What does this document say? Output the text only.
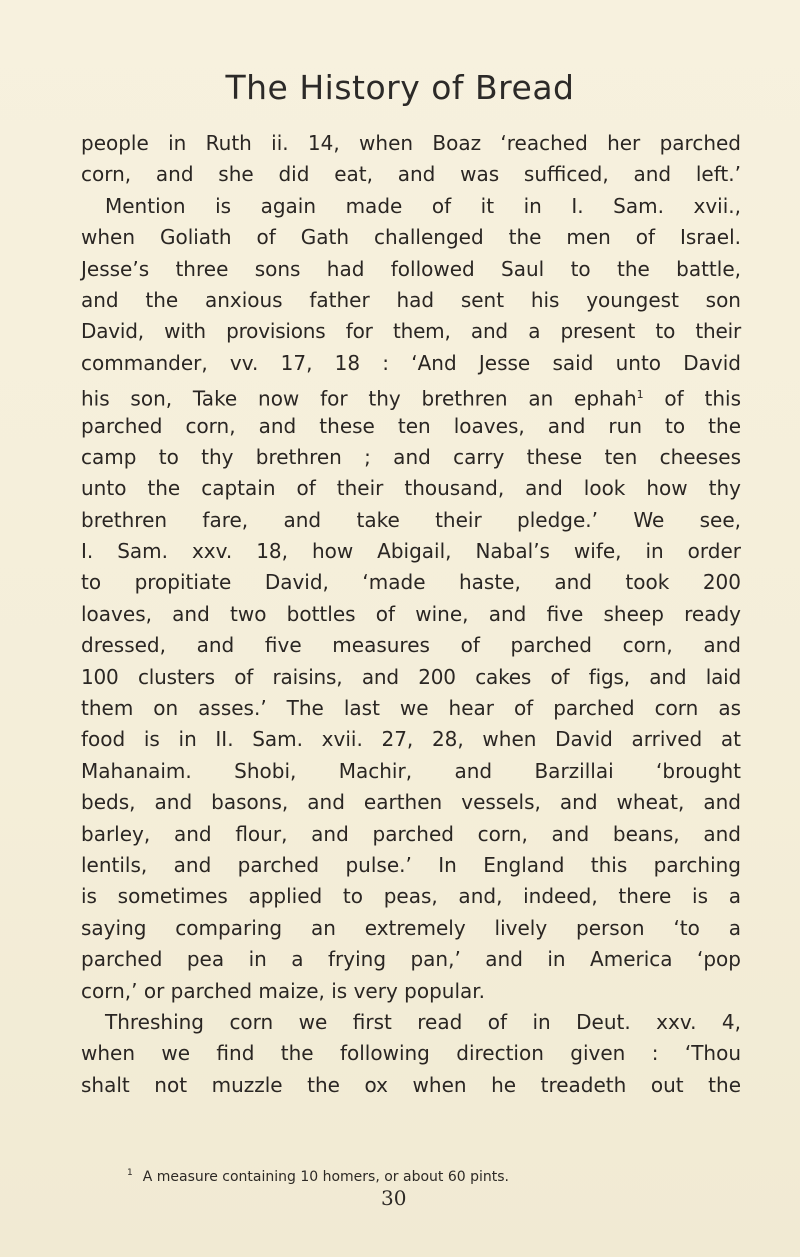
The History of Bread
people in Ruth ii. 14, when Boaz ‘reached her parched
corn, and she did eat, and was sufficed, and left.’
Mention is again made of it in I. Sam. xvii.,
when Goliath of Gath challenged the men of Israel.
Jesse’s three sons had followed Saul to the battle,
and the anxious father had sent his youngest son
David, with provisions for them, and a present to their
commander, vv. 17, 18 : ‘And Jesse said unto David
his son, Take now for thy brethren an ephah$^1$ of this
parched corn, and these ten loaves, and run to the
camp to thy brethren ; and carry these ten cheeses
unto the captain of their thousand, and look how thy
brethren fare, and take their pledge.’ We see,
I. Sam. xxv. 18, how Abigail, Nabal’s wife, in order
to propitiate David, ‘made haste, and took 200
loaves, and two bottles of wine, and five sheep ready
dressed, and five measures of parched corn, and
100 clusters of raisins, and 200 cakes of figs, and laid
them on asses.’ The last we hear of parched corn as
food is in II. Sam. xvii. 27, 28, when David arrived at
Mahanaim. Shobi, Machir, and Barzillai ‘brought
beds, and basons, and earthen vessels, and wheat, and
barley, and flour, and parched corn, and beans, and
lentils, and parched pulse.’ In England this parching
is sometimes applied to peas, and, indeed, there is a
saying comparing an extremely lively person ‘to a
parched pea in a frying pan,’ and in America ‘pop
corn,’ or parched maize, is very popular.
Threshing corn we first read of in Deut. xxv. 4,
when we find the following direction given : ‘Thou
shalt not muzzle the ox when he treadeth out the
$^1$ A measure containing 10 homers, or about 60 pints.
30
